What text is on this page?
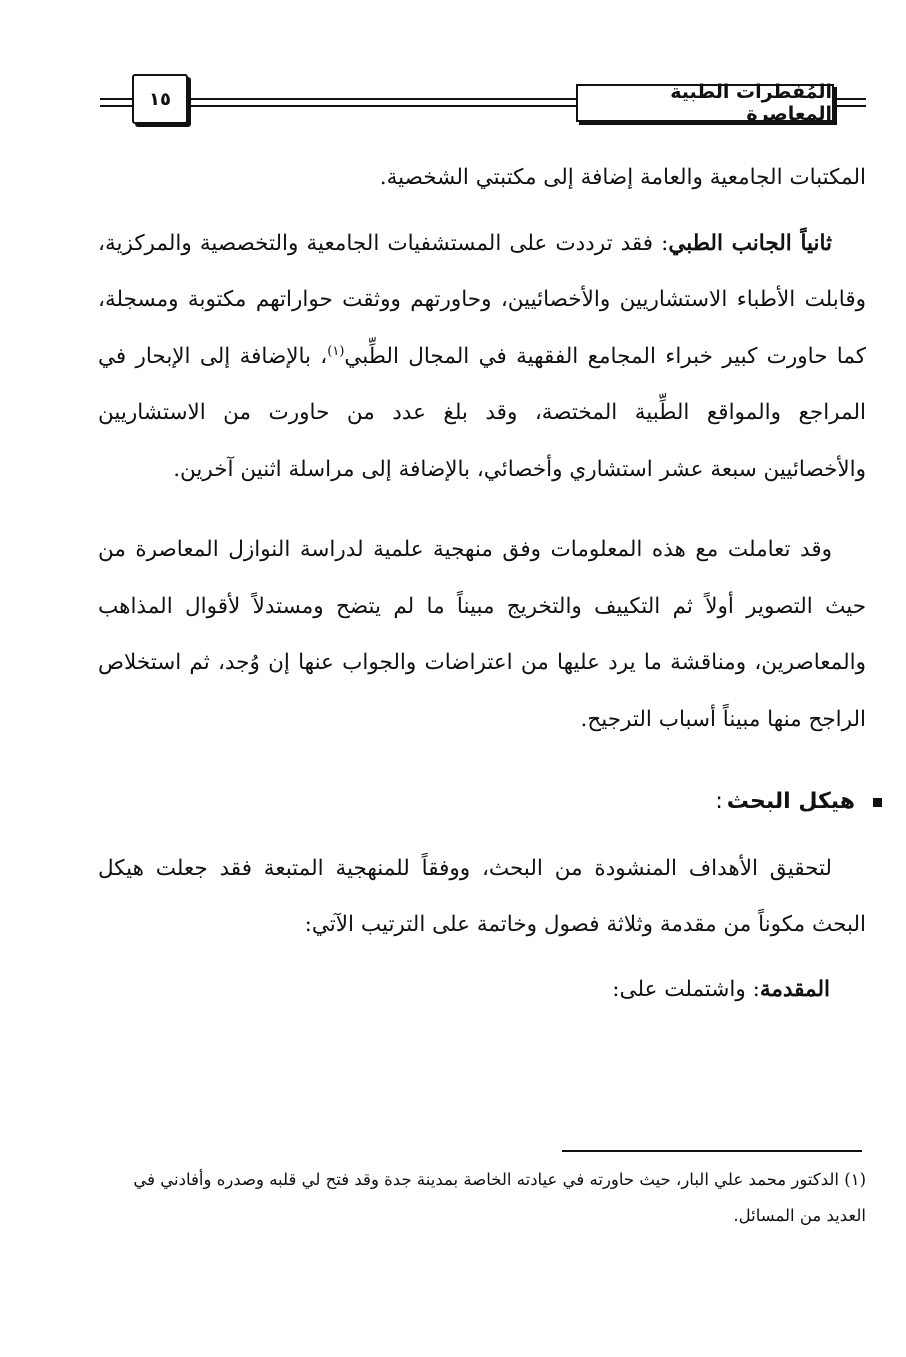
المُفطرات الطبية المعاصرة
١٥

المكتبات الجامعية والعامة إضافة إلى مكتبتي الشخصية.

ثانياً الجانب الطبي: فقد ترددت على المستشفيات الجامعية والتخصصية والمركزية، وقابلت الأطباء الاستشاريين والأخصائيين، وحاورتهم ووثقت حواراتهم مكتوبة ومسجلة، كما حاورت كبير خبراء المجامع الفقهية في المجال الطِّبي$^{(١)}$، بالإضافة إلى الإبحار في المراجع والمواقع الطِّبية المختصة، وقد بلغ عدد من حاورت من الاستشاريين والأخصائيين سبعة عشر استشاري وأخصائي، بالإضافة إلى مراسلة اثنين آخرين.

وقد تعاملت مع هذه المعلومات وفق منهجية علمية لدراسة النوازل المعاصرة من حيث التصوير أولاً ثم التكييف والتخريج مبيناً ما لم يتضح ومستدلاً لأقوال المذاهب والمعاصرين، ومناقشة ما يرد عليها من اعتراضات والجواب عنها إن وُجد، ثم استخلاص الراجح منها مبيناً أسباب الترجيح.

هيكل البحث
:

لتحقيق الأهداف المنشودة من البحث، ووفقاً للمنهجية المتبعة فقد جعلت هيكل البحث مكوناً من مقدمة وثلاثة فصول وخاتمة على الترتيب الآتي:

المقدمة: واشتملت على:

(١) الدكتور محمد علي البار، حيث حاورته في عيادته الخاصة بمدينة جدة وقد فتح لي قلبه وصدره وأفادني في العديد من المسائل.
